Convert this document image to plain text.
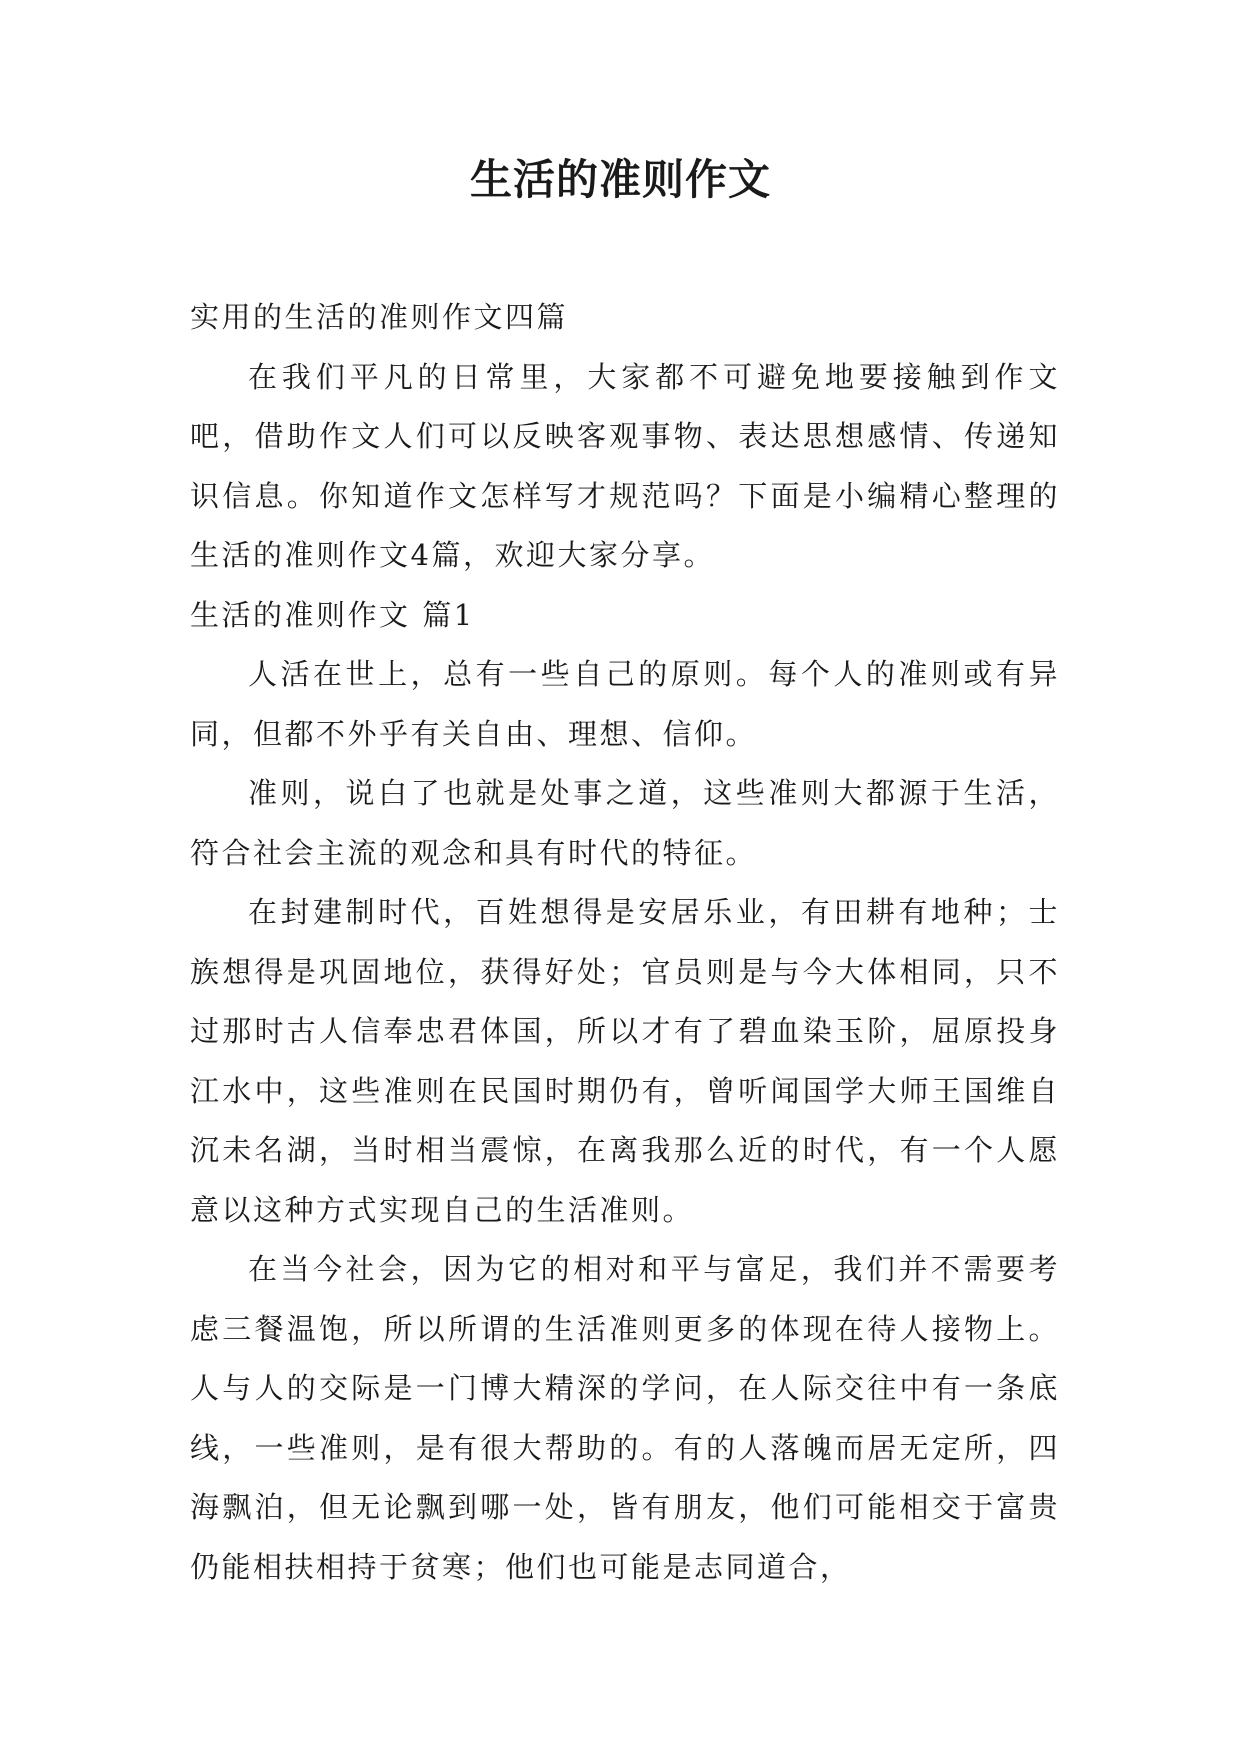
生活的准则作文

实用的生活的准则作文四篇

在我们平凡的日常里，大家都不可避免地要接触到作文吧，借助作文人们可以反映客观事物、表达思想感情、传递知识信息。你知道作文怎样写才规范吗？下面是小编精心整理的生活的准则作文4篇，欢迎大家分享。

生活的准则作文 篇1

人活在世上，总有一些自己的原则。每个人的准则或有异同，但都不外乎有关自由、理想、信仰。

准则，说白了也就是处事之道，这些准则大都源于生活，符合社会主流的观念和具有时代的特征。

在封建制时代，百姓想得是安居乐业，有田耕有地种；士族想得是巩固地位，获得好处；官员则是与今大体相同，只不过那时古人信奉忠君体国，所以才有了碧血染玉阶，屈原投身江水中，这些准则在民国时期仍有，曾听闻国学大师王国维自沉未名湖，当时相当震惊，在离我那么近的时代，有一个人愿意以这种方式实现自己的生活准则。

在当今社会，因为它的相对和平与富足，我们并不需要考虑三餐温饱，所以所谓的生活准则更多的体现在待人接物上。人与人的交际是一门博大精深的学问，在人际交往中有一条底线，一些准则，是有很大帮助的。有的人落魄而居无定所，四海飘泊，但无论飘到哪一处，皆有朋友，他们可能相交于富贵仍能相扶相持于贫寒；他们也可能是志同道合，
